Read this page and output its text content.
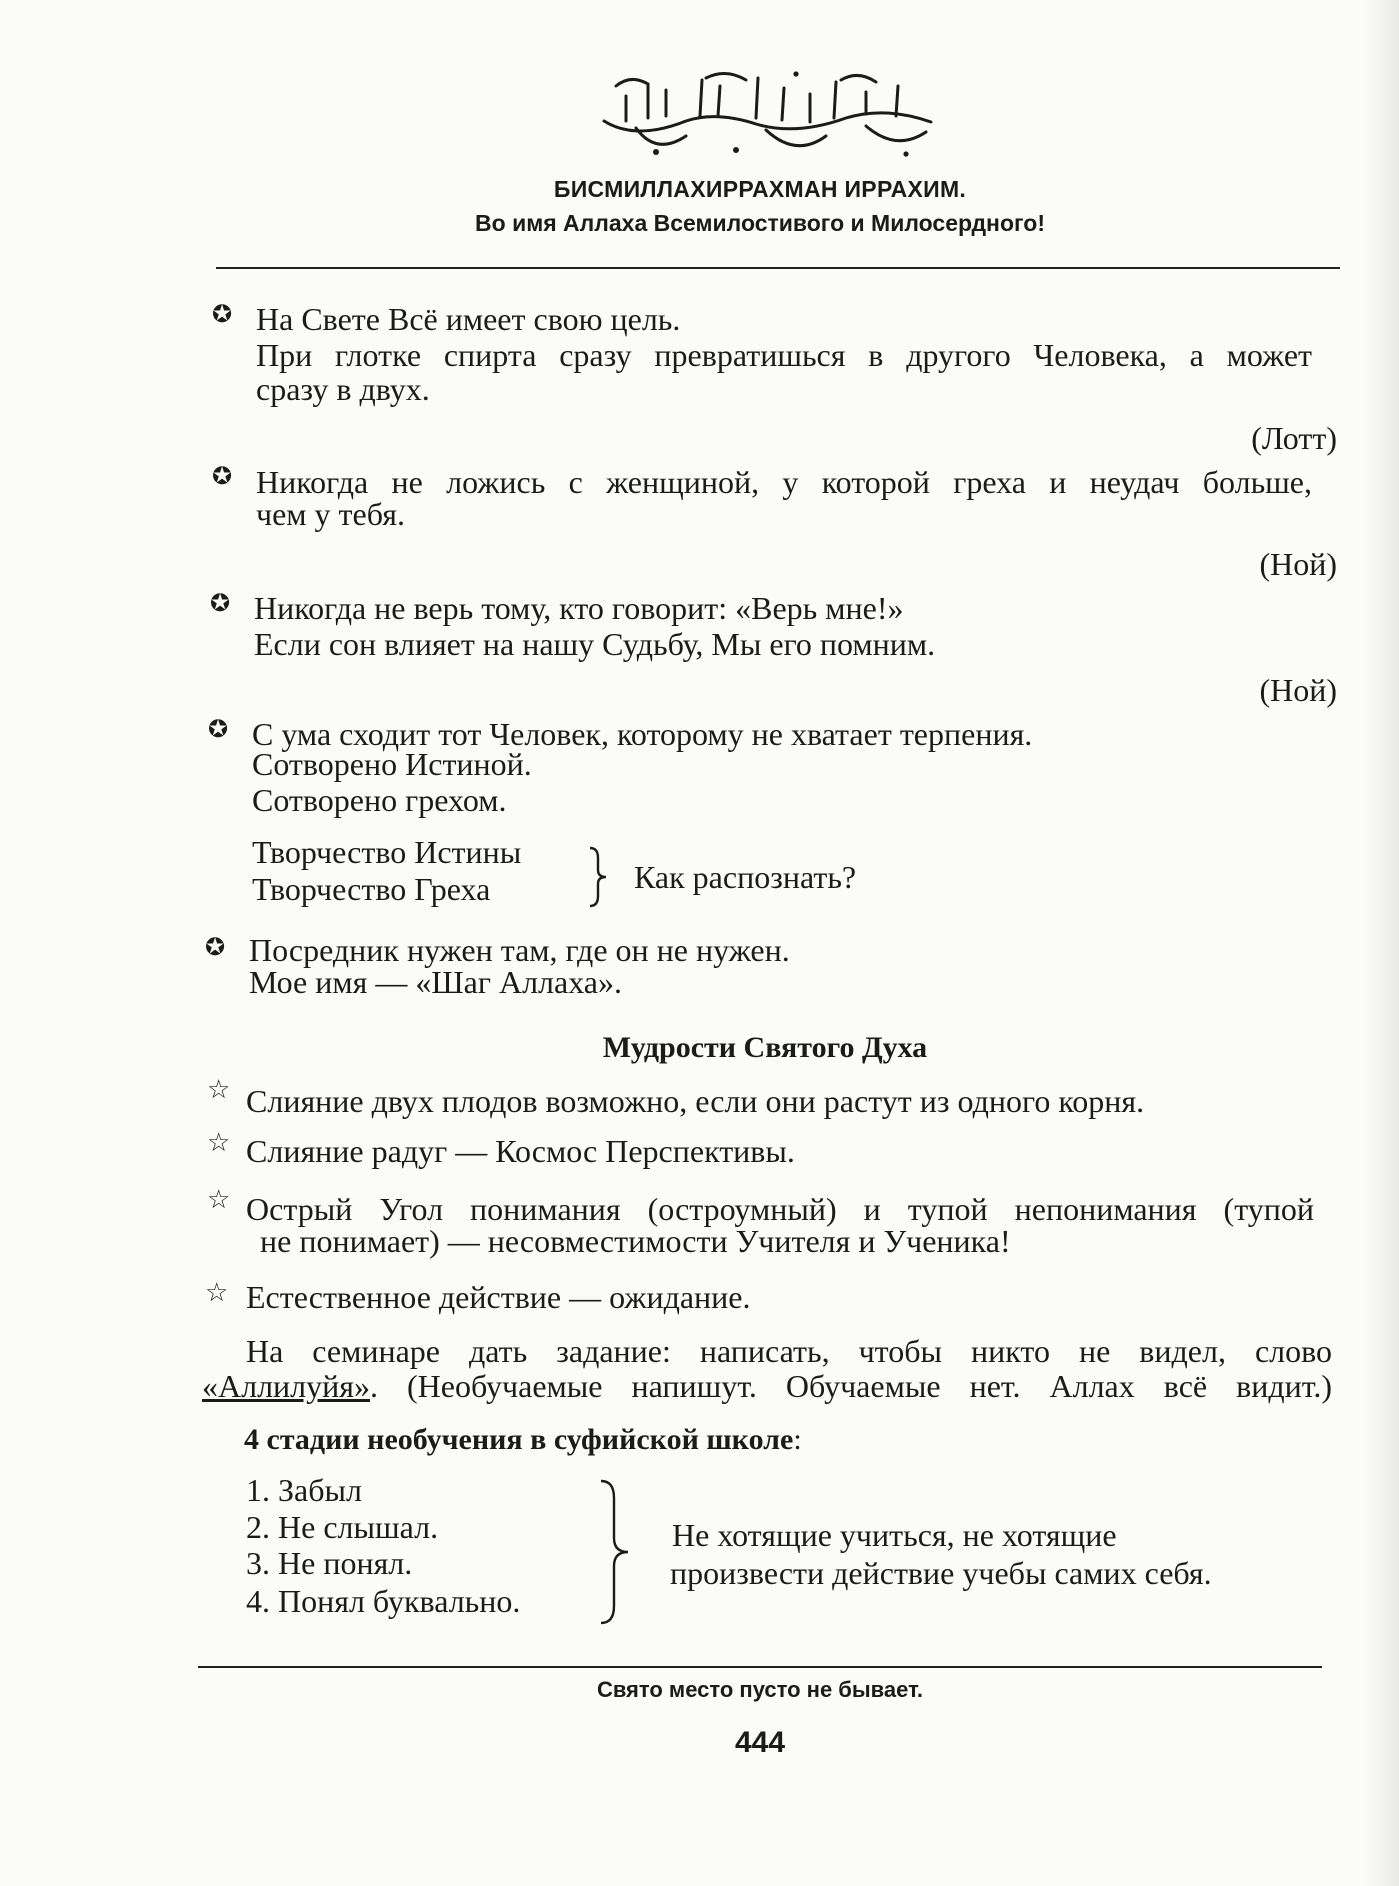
БИСМИЛЛАХИРРАХМАН ИРРАХИМ.
Во имя Аллаха Всемилостивого и Милосердного!
✪ На Свете Всё имеет свою цель.
При глотке спирта сразу превратишься в другого Человека, а может
сразу в двух.
(Лотт)
✪ Никогда не ложись с женщиной, у которой греха и неудач больше,
чем у тебя.
(Ной)
✪ Никогда не верь тому, кто говорит: «Верь мне!»
Если сон влияет на нашу Судьбу, Мы его помним.
(Ной)
✪ С ума сходит тот Человек, которому не хватает терпения.
Сотворено Истиной.
Сотворено грехом.
Творчество Истины
Творчество Греха	Как распознать?
✪ Посредник нужен там, где он не нужен.
Мое имя — «Шаг Аллаха».
Мудрости Святого Духа
☆ Слияние двух плодов возможно, если они растут из одного корня.
☆ Слияние радуг — Космос Перспективы.
☆ Острый Угол понимания (остроумный) и тупой непонимания (тупой
не понимает) — несовместимости Учителя и Ученика!
☆ Естественное действие — ожидание.
На семинаре дать задание: написать, чтобы никто не видел, слово
«Аллилуйя». (Необучаемые напишут. Обучаемые нет. Аллах всё видит.)
4 стадии необучения в суфийской школе:
1. Забыл
2. Не слышал.
3. Не понял.
4. Понял буквально.
Не хотящие учиться, не хотящие
произвести действие учебы самих себя.
Свято место пусто не бывает.
444
